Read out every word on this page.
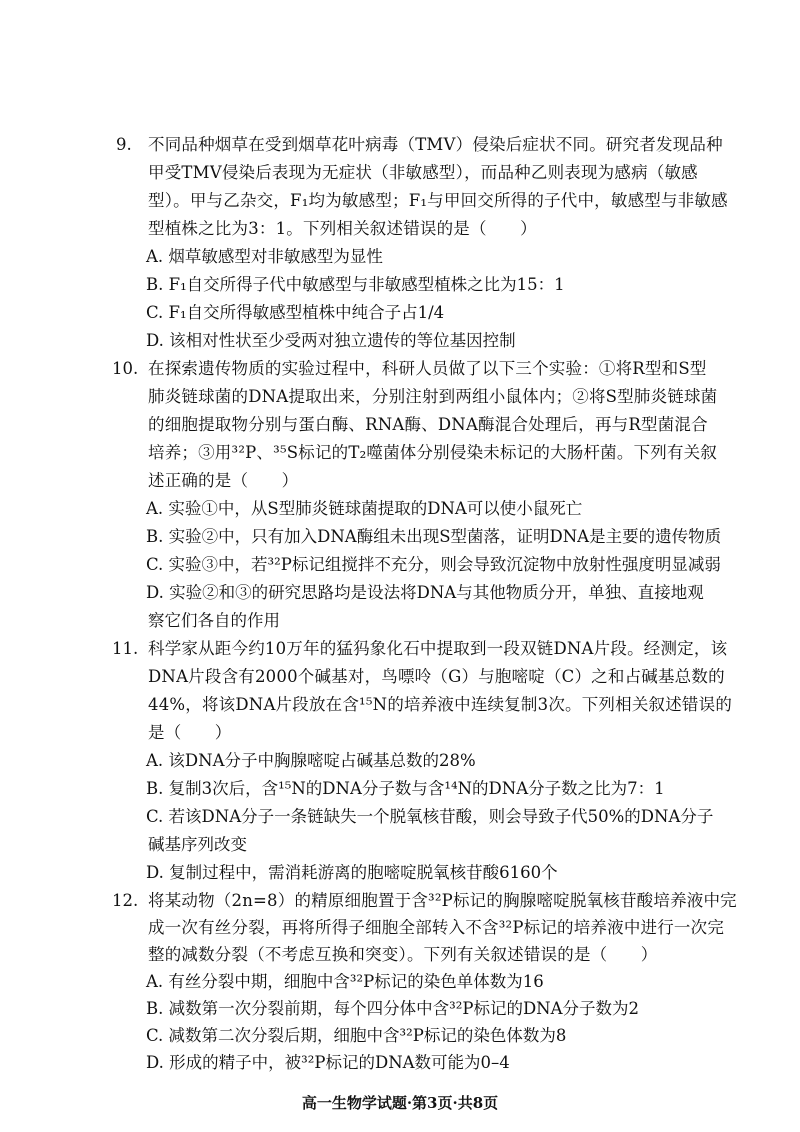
9. 不同品种烟草在受到烟草花叶病毒（TMV）侵染后症状不同。研究者发现品种
甲受TMV侵染后表现为无症状（非敏感型），而品种乙则表现为感病（敏感
型）。甲与乙杂交，F₁均为敏感型；F₁与甲回交所得的子代中，敏感型与非敏感
型植株之比为3：1。下列相关叙述错误的是（　　）
A. 烟草敏感型对非敏感型为显性
B. F₁自交所得子代中敏感型与非敏感型植株之比为15：1
C. F₁自交所得敏感型植株中纯合子占1/4
D. 该相对性状至少受两对独立遗传的等位基因控制
10. 在探索遗传物质的实验过程中，科研人员做了以下三个实验：①将R型和S型
肺炎链球菌的DNA提取出来，分别注射到两组小鼠体内；②将S型肺炎链球菌
的细胞提取物分别与蛋白酶、RNA酶、DNA酶混合处理后，再与R型菌混合
培养；③用³²P、³⁵S标记的T₂噬菌体分别侵染未标记的大肠杆菌。下列有关叙
述正确的是（　　）
A. 实验①中，从S型肺炎链球菌提取的DNA可以使小鼠死亡
B. 实验②中，只有加入DNA酶组未出现S型菌落，证明DNA是主要的遗传物质
C. 实验③中，若³²P标记组搅拌不充分，则会导致沉淀物中放射性强度明显减弱
D. 实验②和③的研究思路均是设法将DNA与其他物质分开，单独、直接地观
察它们各自的作用
11. 科学家从距今约10万年的猛犸象化石中提取到一段双链DNA片段。经测定，该
DNA片段含有2000个碱基对，鸟嘌呤（G）与胞嘧啶（C）之和占碱基总数的
44%，将该DNA片段放在含¹⁵N的培养液中连续复制3次。下列相关叙述错误的
是（　　）
A. 该DNA分子中胸腺嘧啶占碱基总数的28%
B. 复制3次后，含¹⁵N的DNA分子数与含¹⁴N的DNA分子数之比为7：1
C. 若该DNA分子一条链缺失一个脱氧核苷酸，则会导致子代50%的DNA分子
碱基序列改变
D. 复制过程中，需消耗游离的胞嘧啶脱氧核苷酸6160个
12. 将某动物（2n=8）的精原细胞置于含³²P标记的胸腺嘧啶脱氧核苷酸培养液中完
成一次有丝分裂，再将所得子细胞全部转入不含³²P标记的培养液中进行一次完
整的减数分裂（不考虑互换和突变）。下列有关叙述错误的是（　　）
A. 有丝分裂中期，细胞中含³²P标记的染色单体数为16
B. 减数第一次分裂前期，每个四分体中含³²P标记的DNA分子数为2
C. 减数第二次分裂后期，细胞中含³²P标记的染色体数为8
D. 形成的精子中，被³²P标记的DNA数可能为0–4
高一生物学试题·第3页·共8页
